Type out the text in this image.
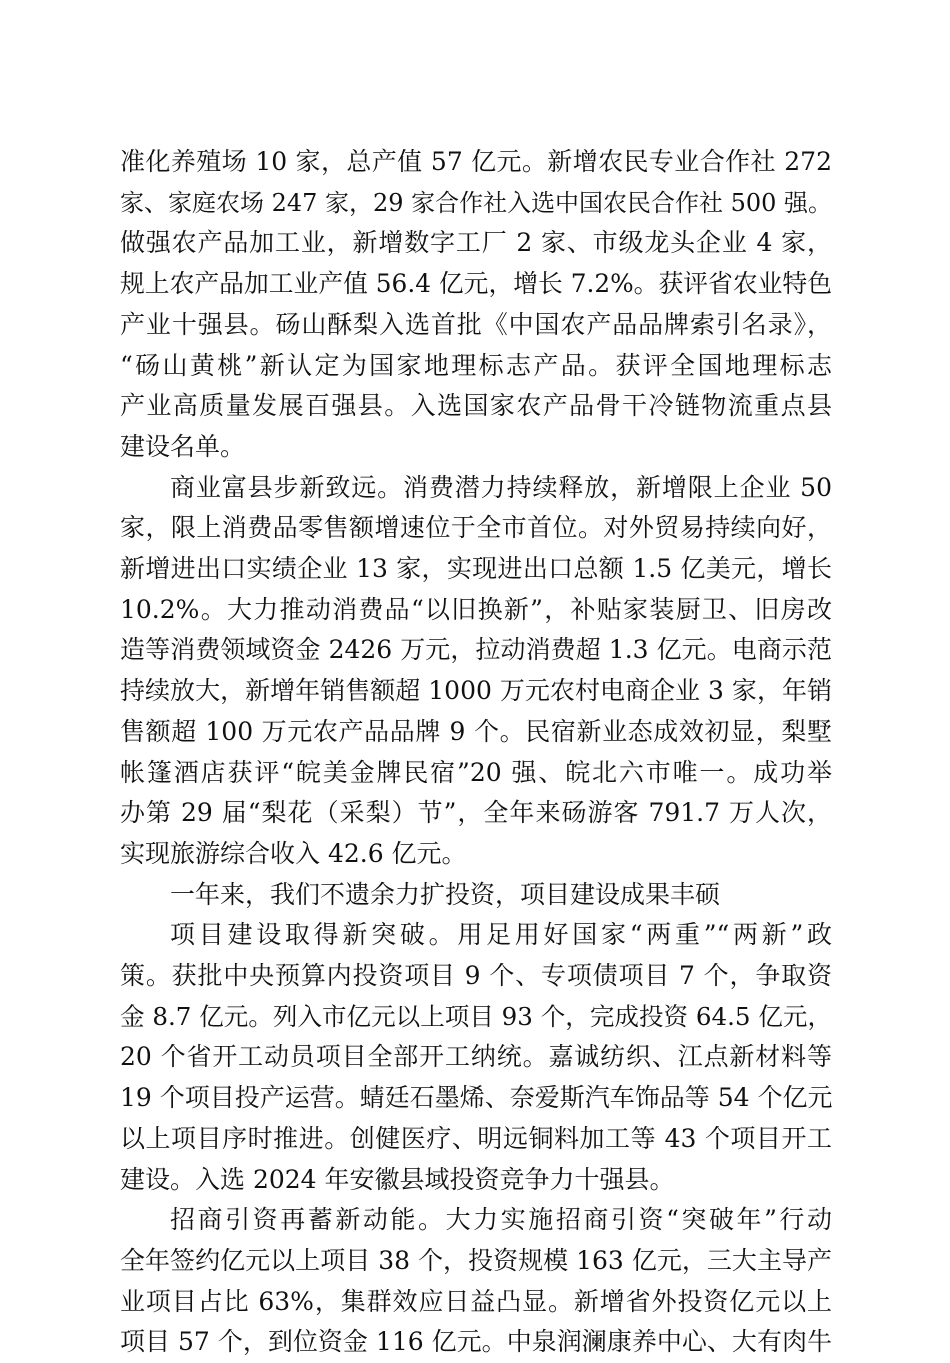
准化养殖场 10 家，总产值 57 亿元。新增农民专业合作社 272
家、家庭农场 247 家，29 家合作社入选中国农民合作社 500 强。
做强农产品加工业，新增数字工厂 2 家、市级龙头企业 4 家，
规上农产品加工业产值 56.4 亿元，增长 7.2%。获评省农业特色
产业十强县。砀山酥梨入选首批《中国农产品品牌索引名录》，
“砀山黄桃”新认定为国家地理标志产品。获评全国地理标志
产业高质量发展百强县。入选国家农产品骨干冷链物流重点县
建设名单。
商业富县步新致远。消费潜力持续释放，新增限上企业 50
家，限上消费品零售额增速位于全市首位。对外贸易持续向好，
新增进出口实绩企业 13 家，实现进出口总额 1.5 亿美元，增长
10.2%。大力推动消费品“以旧换新”，补贴家装厨卫、旧房改
造等消费领域资金 2426 万元，拉动消费超 1.3 亿元。电商示范
持续放大，新增年销售额超 1000 万元农村电商企业 3 家，年销
售额超 100 万元农产品品牌 9 个。民宿新业态成效初显，梨墅
帐篷酒店获评“皖美金牌民宿”20 强、皖北六市唯一。成功举
办第 29 届“梨花（采梨）节”，全年来砀游客 791.7 万人次，
实现旅游综合收入 42.6 亿元。
一年来，我们不遗余力扩投资，项目建设成果丰硕
项目建设取得新突破。用足用好国家“两重”“两新”政
策。获批中央预算内投资项目 9 个、专项债项目 7 个，争取资
金 8.7 亿元。列入市亿元以上项目 93 个，完成投资 64.5 亿元，
20 个省开工动员项目全部开工纳统。嘉诚纺织、江点新材料等
19 个项目投产运营。蜻廷石墨烯、奈爱斯汽车饰品等 54 个亿元
以上项目序时推进。创健医疗、明远铜料加工等 43 个项目开工
建设。入选 2024 年安徽县域投资竞争力十强县。
招商引资再蓄新动能。大力实施招商引资“突破年”行动
全年签约亿元以上项目 38 个，投资规模 163 亿元，三大主导产
业项目占比 63%，集群效应日益凸显。新增省外投资亿元以上
项目 57 个，到位资金 116 亿元。中泉润澜康养中心、大有肉牛
